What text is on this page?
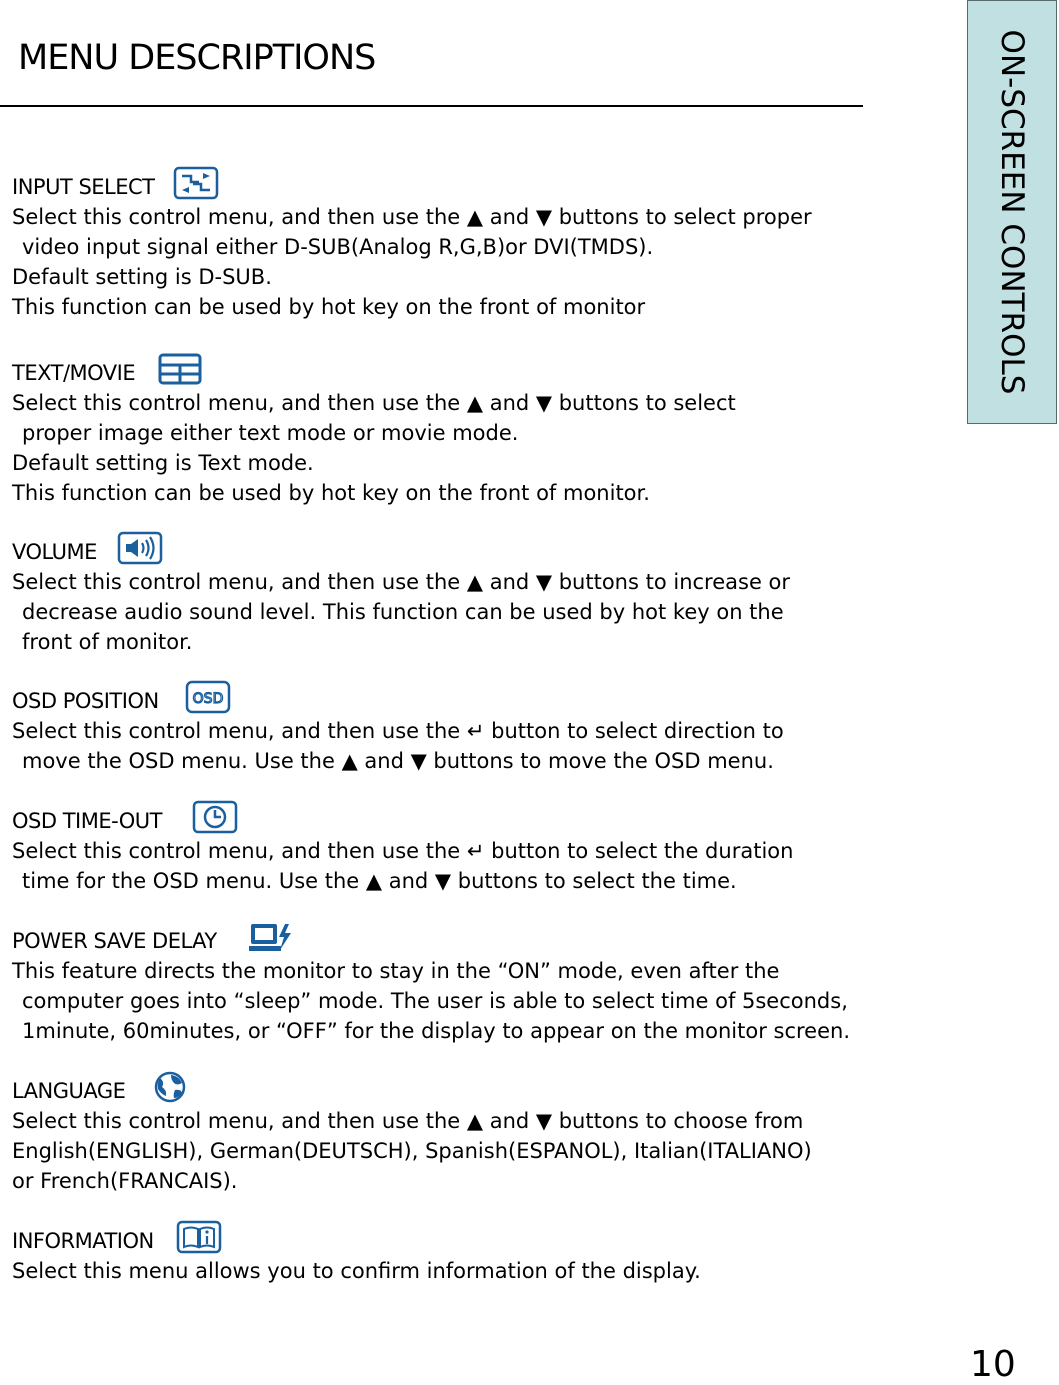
MENU DESCRIPTIONS	ON-SCREEN CONTROLS
INPUT SELECT
Select this control menu, and then use the ▲ and ▼ buttons to select proper
video input signal either D-SUB(Analog R,G,B)or DVI(TMDS).
Default setting is D-SUB.
This function can be used by hot key on the front of monitor
TEXT/MOVIE
Select this control menu, and then use the ▲ and ▼ buttons to select
proper image either text mode or movie mode.
Default setting is Text mode.
This function can be used by hot key on the front of monitor.
VOLUME
Select this control menu, and then use the ▲ and ▼ buttons to increase or
decrease audio sound level. This function can be used by hot key on the
front of monitor.
OSD POSITION OSD
Select this control menu, and then use the ↵ button to select direction to
move the OSD menu. Use the ▲ and ▼ buttons to move the OSD menu.
OSD TIME-OUT
Select this control menu, and then use the ↵ button to select the duration
time for the OSD menu. Use the ▲ and ▼ buttons to select the time.
POWER SAVE DELAY
This feature directs the monitor to stay in the “ON” mode, even after the
computer goes into “sleep” mode. The user is able to select time of 5seconds,
1minute, 60minutes, or “OFF” for the display to appear on the monitor screen.
LANGUAGE
Select this control menu, and then use the ▲ and ▼ buttons to choose from
English(ENGLISH), German(DEUTSCH), Spanish(ESPANOL), Italian(ITALIANO)
or French(FRANCAIS).
INFORMATION
Select this menu allows you to confirm information of the display.
10
